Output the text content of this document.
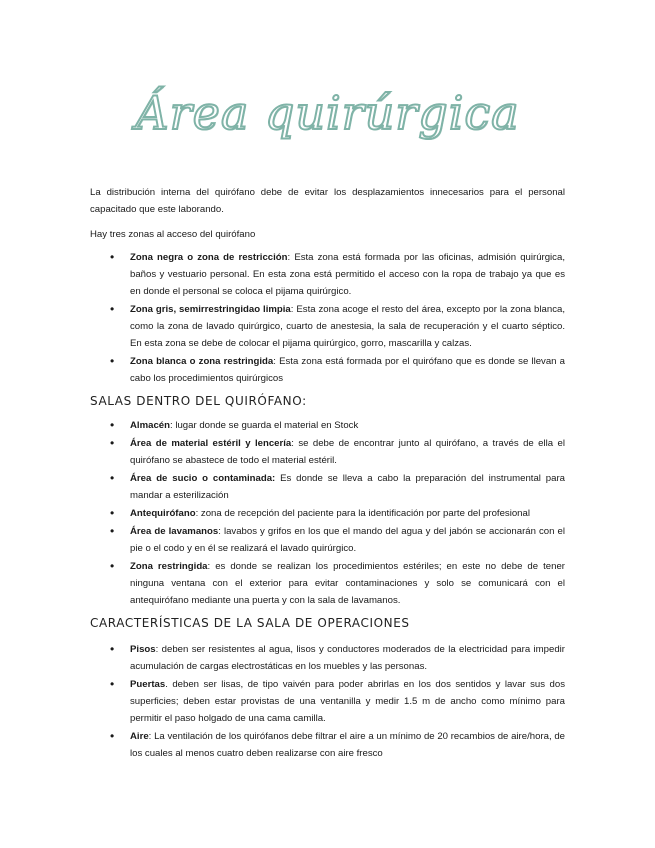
Área quirúrgica

La distribución interna del quirófano debe de evitar los desplazamientos innecesarios para el personal capacitado que este laborando.

Hay tres zonas al acceso del quirófano

• Zona negra o zona de restricción: Esta zona está formada por las oficinas, admisión quirúrgica, baños y vestuario personal. En esta zona está permitido el acceso con la ropa de trabajo ya que es en donde el personal se coloca el pijama quirúrgico.
• Zona gris, semirrestringidao limpia: Esta zona acoge el resto del área, excepto por la zona blanca, como la zona de lavado quirúrgico, cuarto de anestesia, la sala de recuperación y el cuarto séptico. En esta zona se debe de colocar el pijama quirúrgico, gorro, mascarilla y calzas.
• Zona blanca o zona restringida: Esta zona está formada por el quirófano que es donde se llevan a cabo los procedimientos quirúrgicos
SALAS DENTRO DEL QUIRÓFANO:
• Almacén: lugar donde se guarda el material en Stock
• Área de material estéril y lencería: se debe de encontrar junto al quirófano, a través de ella el quirófano se abastece de todo el material estéril.
• Área de sucio o contaminada: Es donde se lleva a cabo la preparación del instrumental para mandar a esterilización
• Antequirófano: zona de recepción del paciente para la identificación por parte del profesional
• Área de lavamanos: lavabos y grifos en los que el mando del agua y del jabón se accionarán con el pie o el codo y en él se realizará el lavado quirúrgico.
• Zona restringida: es donde se realizan los procedimientos estériles; en este no debe de tener ninguna ventana con el exterior para evitar contaminaciones y solo se comunicará con el antequirófano mediante una puerta y con la sala de lavamanos.
CARACTERÍSTICAS DE LA SALA DE OPERACIONES
• Pisos: deben ser resistentes al agua, lisos y conductores moderados de la electricidad para impedir acumulación de cargas electrostáticas en los muebles y las personas.
• Puertas. deben ser lisas, de tipo vaivén para poder abrirlas en los dos sentidos y lavar sus dos superficies; deben estar provistas de una ventanilla y medir 1.5 m de ancho como mínimo para permitir el paso holgado de una cama camilla.
• Aire: La ventilación de los quirófanos debe filtrar el aire a un mínimo de 20 recambios de aire/hora, de los cuales al menos cuatro deben realizarse con aire fresco
